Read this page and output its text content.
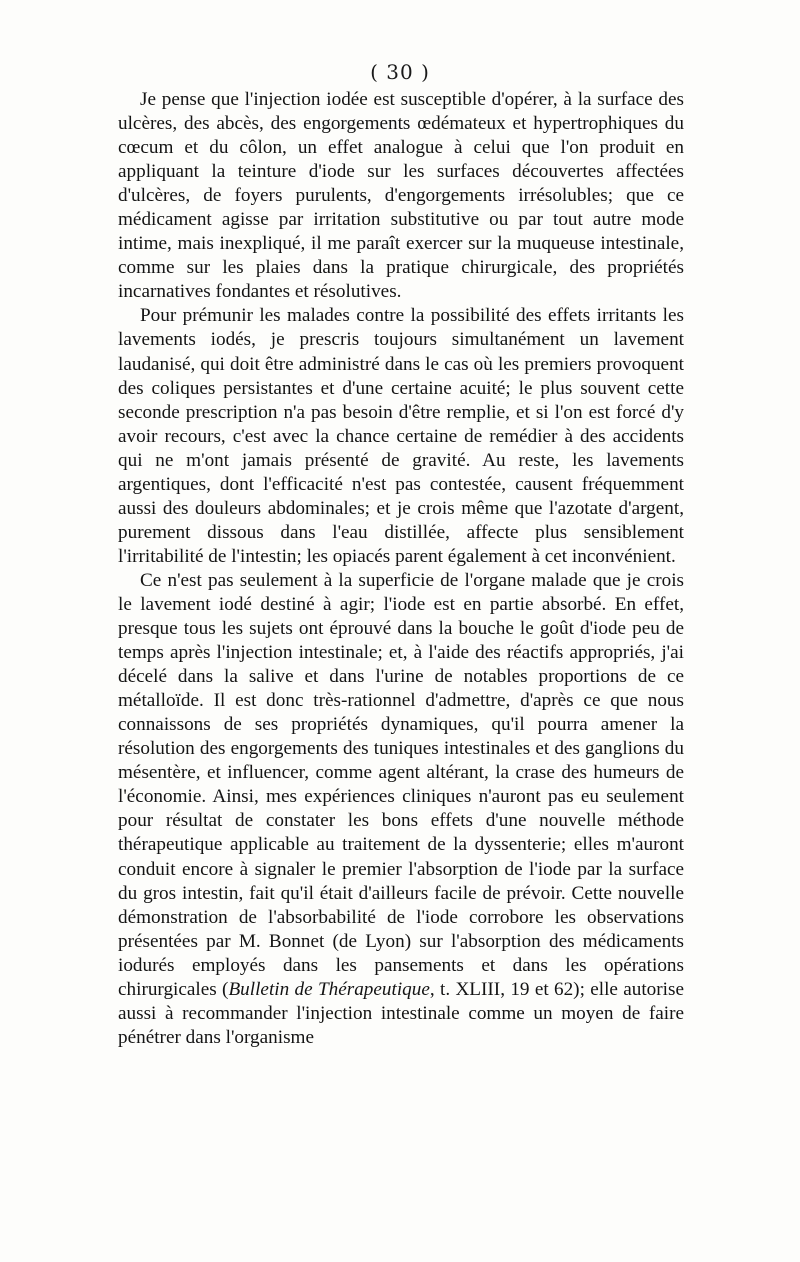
( 30 )

Je pense que l'injection iodée est susceptible d'opérer, à la surface des ulcères, des abcès, des engorgements œdémateux et hypertrophiques du cœcum et du côlon, un effet analogue à celui que l'on produit en appliquant la teinture d'iode sur les surfaces découvertes affectées d'ulcères, de foyers purulents, d'engorgements irrésolubles; que ce médicament agisse par irritation substitutive ou par tout autre mode intime, mais inexpliqué, il me paraît exercer sur la muqueuse intestinale, comme sur les plaies dans la pratique chirurgicale, des propriétés incarnatives fondantes et résolutives.

Pour prémunir les malades contre la possibilité des effets irritants les lavements iodés, je prescris toujours simultanément un lavement laudanisé, qui doit être administré dans le cas où les premiers provoquent des coliques persistantes et d'une certaine acuité; le plus souvent cette seconde prescription n'a pas besoin d'être remplie, et si l'on est forcé d'y avoir recours, c'est avec la chance certaine de remédier à des accidents qui ne m'ont jamais présenté de gravité. Au reste, les lavements argentiques, dont l'efficacité n'est pas contestée, causent fréquemment aussi des douleurs abdominales; et je crois même que l'azotate d'argent, purement dissous dans l'eau distillée, affecte plus sensiblement l'irritabilité de l'intestin; les opiacés parent également à cet inconvénient.

Ce n'est pas seulement à la superficie de l'organe malade que je crois le lavement iodé destiné à agir; l'iode est en partie absorbé. En effet, presque tous les sujets ont éprouvé dans la bouche le goût d'iode peu de temps après l'injection intestinale; et, à l'aide des réactifs appropriés, j'ai décelé dans la salive et dans l'urine de notables proportions de ce métalloïde. Il est donc très-rationnel d'admettre, d'après ce que nous connaissons de ses propriétés dynamiques, qu'il pourra amener la résolution des engorgements des tuniques intestinales et des ganglions du mésentère, et influencer, comme agent altérant, la crase des humeurs de l'économie. Ainsi, mes expériences cliniques n'auront pas eu seulement pour résultat de constater les bons effets d'une nouvelle méthode thérapeutique applicable au traitement de la dyssenterie; elles m'auront conduit encore à signaler le premier l'absorption de l'iode par la surface du gros intestin, fait qu'il était d'ailleurs facile de prévoir. Cette nouvelle démonstration de l'absorbabilité de l'iode corrobore les observations présentées par M. Bonnet (de Lyon) sur l'absorption des médicaments iodurés employés dans les pansements et dans les opérations chirurgicales (Bulletin de Thérapeutique, t. XLIII, 19 et 62); elle autorise aussi à recommander l'injection intestinale comme un moyen de faire pénétrer dans l'organisme
